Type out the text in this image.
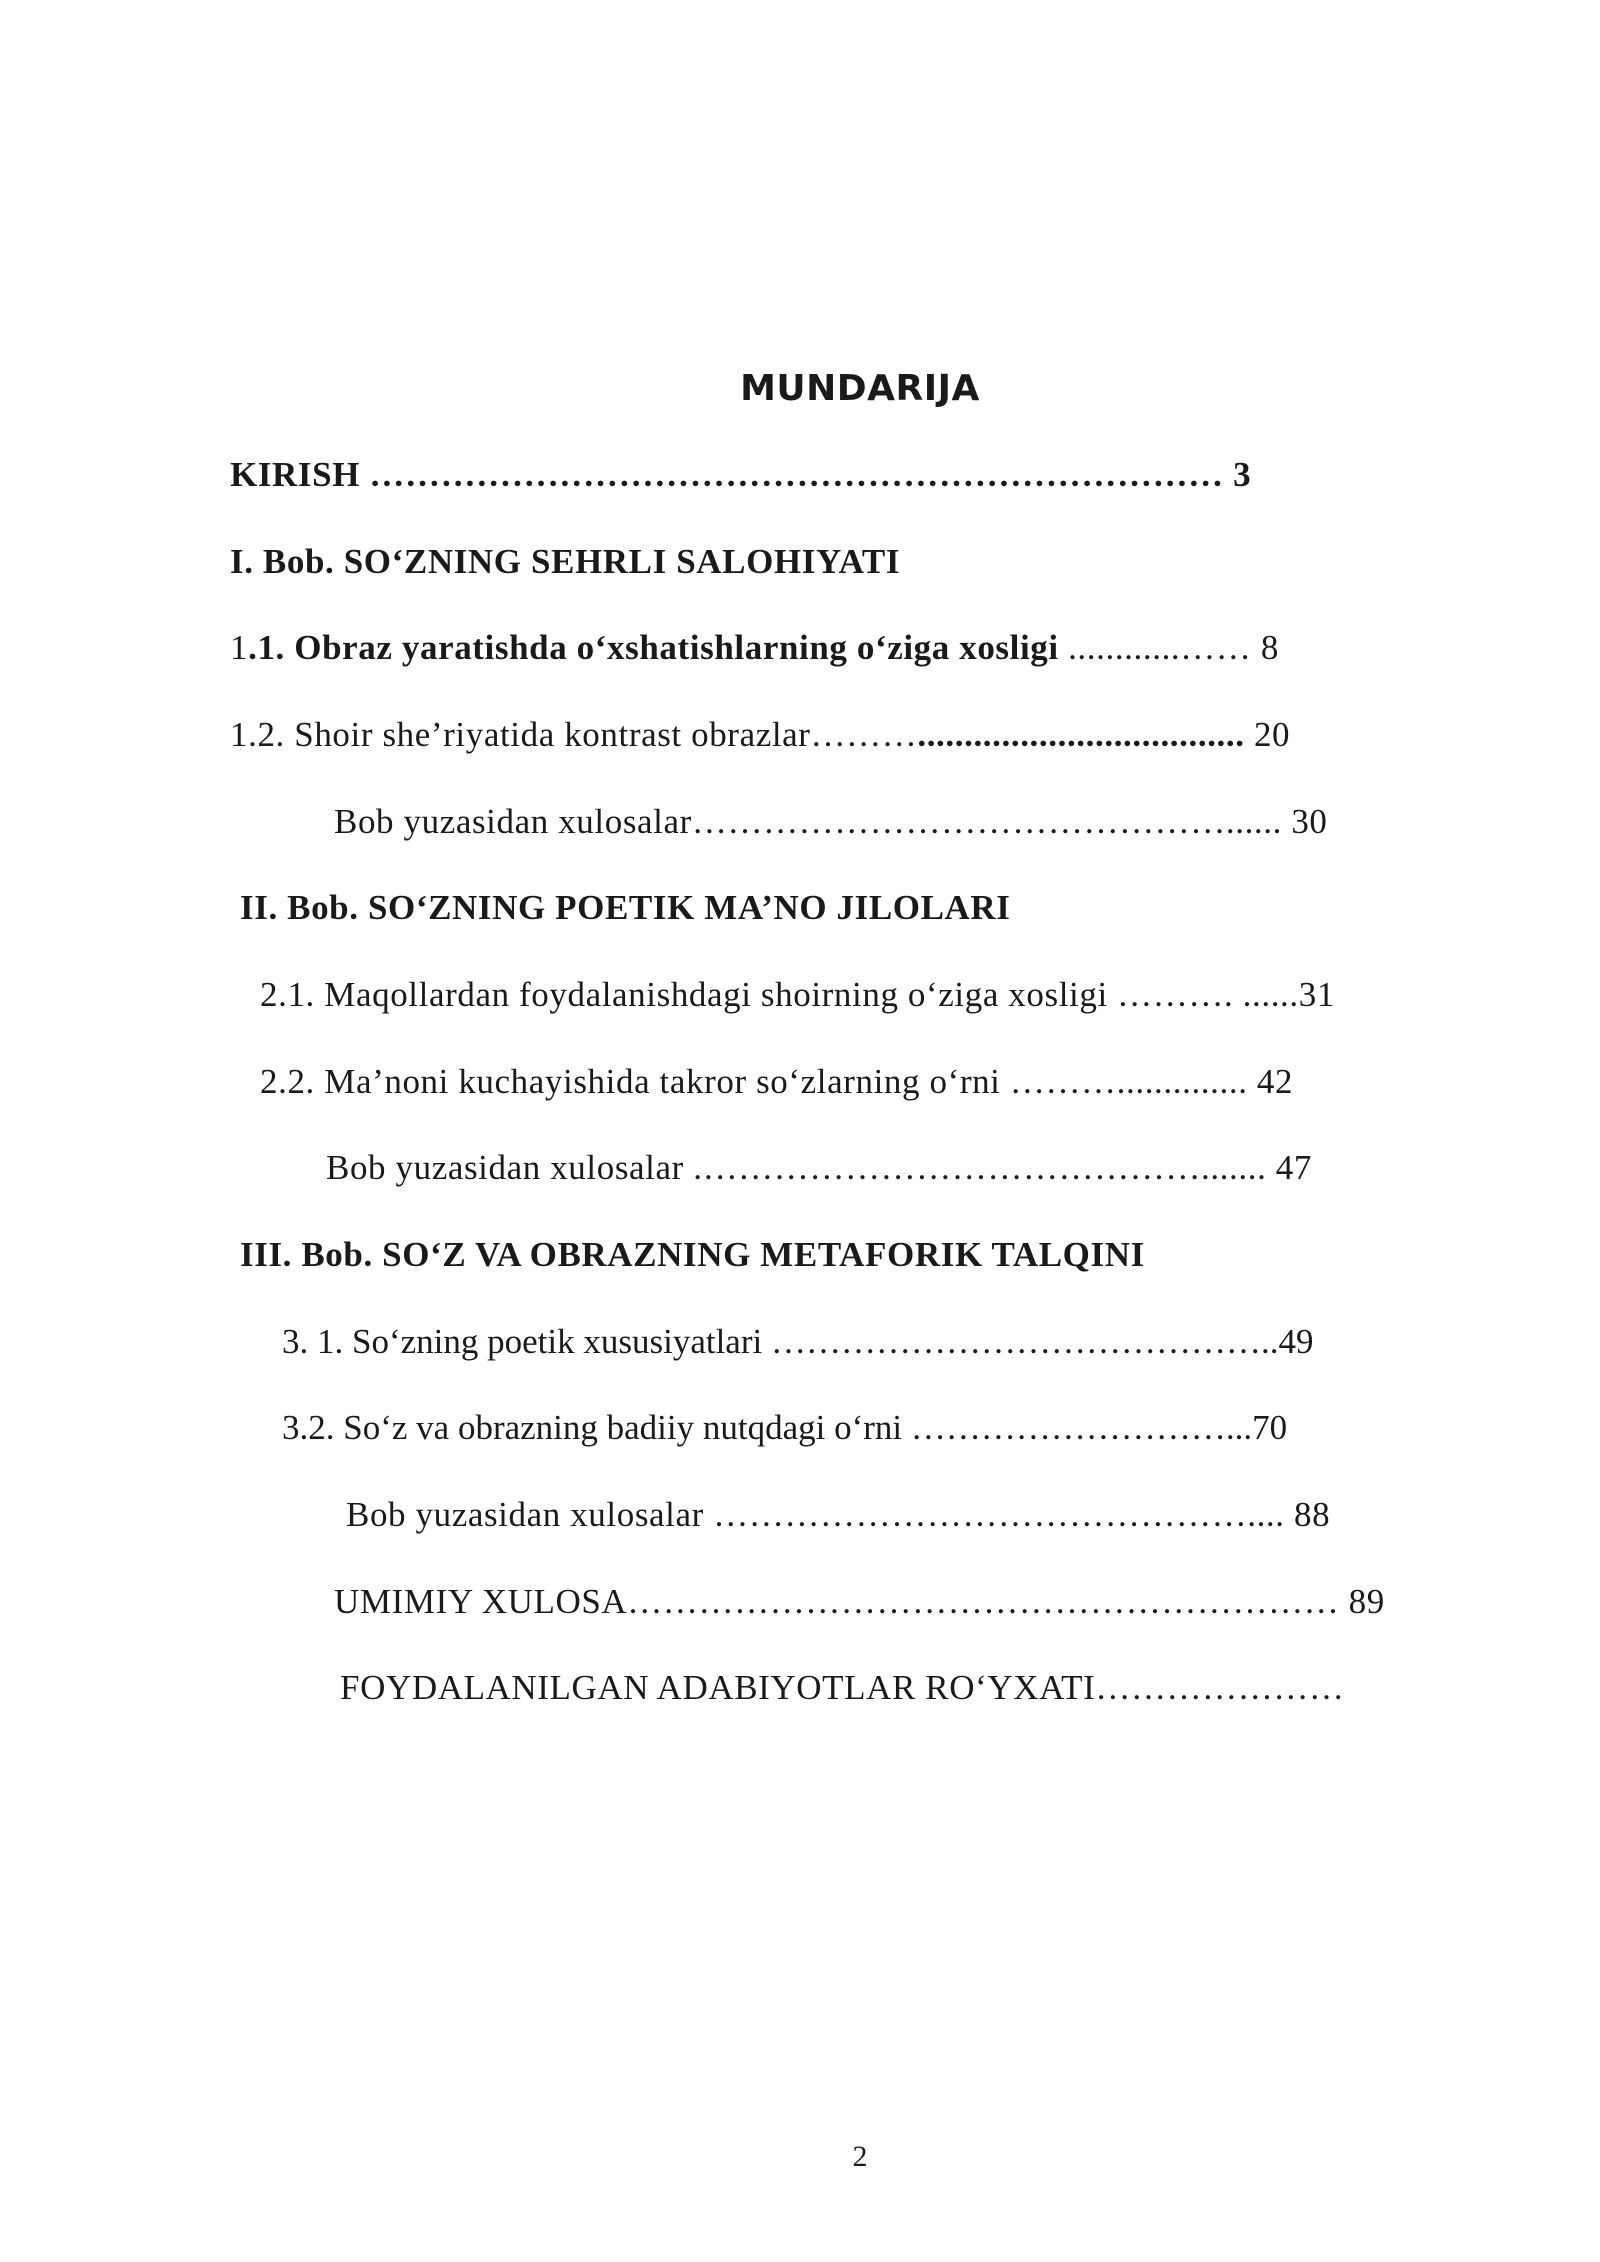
MUNDARIJA
KIRISH ……………………………………………………………… 3
I. Bob. SO‘ZNING SEHRLI SALOHIYATI
1.1. Obraz yaratishda o‘xshatishlarning o‘ziga xosligi ............…… 8
1.2. Shoir she’riyatida kontrast obrazlar………................................... 20
Bob yuzasidan xulosalar………………………………………...... 30
II. Bob. SO‘ZNING POETIK MA’NO JILOLARI
2.1. Maqollardan foydalanishdagi shoirning o‘ziga xosligi ………. ......31
2.2. Ma’noni kuchayishida takror so‘zlarning o‘rni ……….............. 42
Bob yuzasidan xulosalar .……………………………………....... 47
III. Bob. SO‘Z VA OBRAZNING METAFORIK TALQINI
3. 1. So‘zning poetik xususiyatlari ……………………………………..49
3.2. So‘z va obrazning badiiy nutqdagi o‘rni ………………………...70
Bob yuzasidan xulosalar ……………………………………….... 88
UMIMIY XULOSA…………………………………………………… 89
FOYDALANILGAN ADABIYOTLAR RO‘YXATI…………………
2
